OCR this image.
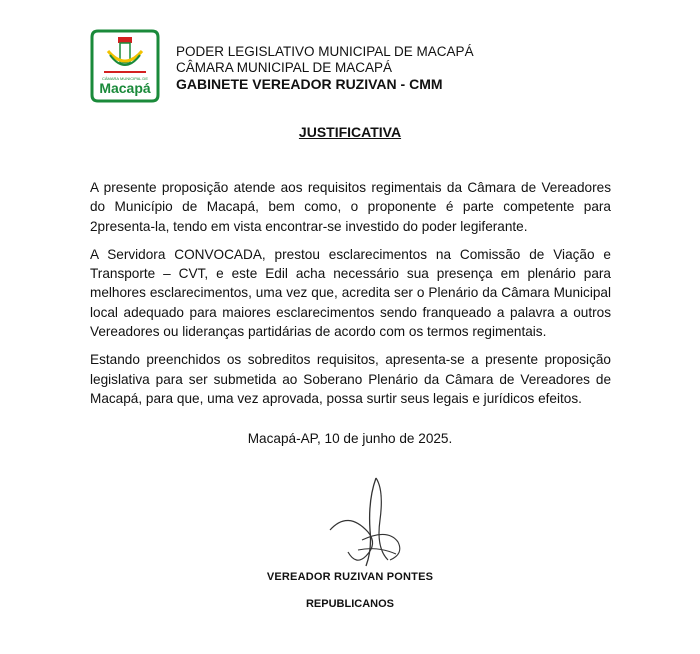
CÂMARA MUNICIPAL DE
Macapá
PODER LEGISLATIVO MUNICIPAL DE MACAPÁ
CÂMARA MUNICIPAL DE MACAPÁ
GABINETE VEREADOR RUZIVAN - CMM
JUSTIFICATIVA

A presente proposição atende aos requisitos regimentais da Câmara de Vereadores do Município de Macapá, bem como, o proponente é parte competente para 2presenta-la, tendo em vista encontrar-se investido do poder legiferante.

A Servidora CONVOCADA, prestou esclarecimentos na Comissão de Viação e Transporte – CVT, e este Edil acha necessário sua presença em plenário para melhores esclarecimentos, uma vez que, acredita ser o Plenário da Câmara Municipal local adequado para maiores esclarecimentos sendo franqueado a palavra a outros Vereadores ou lideranças partidárias de acordo com os termos regimentais.

Estando preenchidos os sobreditos requisitos, apresenta-se a presente proposição legislativa para ser submetida ao Soberano Plenário da Câmara de Vereadores de Macapá, para que, uma vez aprovada, possa surtir seus legais e jurídicos efeitos.

Macapá-AP, 10 de junho de 2025.
VEREADOR RUZIVAN PONTES
REPUBLICANOS
